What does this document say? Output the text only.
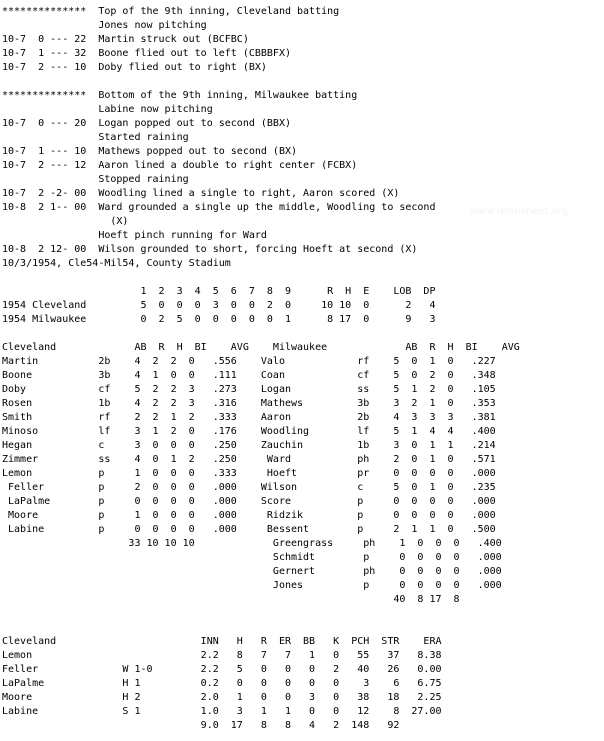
**************  Top of the 9th inning, Cleveland batting
Jones now pitching
10-7  0 --- 22  Martin struck out (BCFBC)
10-7  1 --- 32  Boone flied out to left (CBBBFX)
10-7  2 --- 10  Doby flied out to right (BX)
**************  Bottom of the 9th inning, Milwaukee batting
Labine now pitching
10-7  0 --- 20  Logan popped out to second (BBX)
Started raining
10-7  1 --- 10  Mathews popped out to second (BX)
10-7  2 --- 12  Aaron lined a double to right center (FCBX)
Stopped raining
10-7  2 -2- 00  Woodling lined a single to right, Aaron scored (X)
10-8  2 1-- 00  Ward grounded a single up the middle, Woodling to second
(X)
Hoeft pinch running for Ward
10-8  2 12- 00  Wilson grounded to short, forcing Hoeft at second (X)
10/3/1954, Cle54-Mil54, County Stadium
1  2  3  4  5  6  7  8  9      R  H  E    LOB  DP
1954 Cleveland         5  0  0  0  3  0  0  2  0     10 10  0      2   4
1954 Milwaukee         0  2  5  0  0  0  0  0  1      8 17  0      9   3
Cleveland             AB  R  H  BI    AVG    Milwaukee             AB  R  H  BI    AVG
Martin          2b    4  2  2  0   .556    Valo            rf    5  0  1  0   .227
Boone           3b    4  1  0  0   .111    Coan            cf    5  0  2  0   .348
Doby            cf    5  2  2  3   .273    Logan           ss    5  1  2  0   .105
Rosen           1b    4  2  2  3   .316    Mathews         3b    3  2  1  0   .353
Smith           rf    2  2  1  2   .333    Aaron           2b    4  3  3  3   .381
Minoso          lf    3  1  2  0   .176    Woodling        lf    5  1  4  4   .400
Hegan           c     3  0  0  0   .250    Zauchin         1b    3  0  1  1   .214
Zimmer          ss    4  0  1  2   .250     Ward           ph    2  0  1  0   .571
Lemon           p     1  0  0  0   .333     Hoeft          pr    0  0  0  0   .000
Feller         p     2  0  0  0   .000    Wilson          c     5  0  1  0   .235
LaPalme        p     0  0  0  0   .000    Score           p     0  0  0  0   .000
Moore          p     1  0  0  0   .000     Ridzik         p     0  0  0  0   .000
Labine         p     0  0  0  0   .000     Bessent        p     2  1  1  0   .500
33 10 10 10             Greengrass     ph    1  0  0  0   .400
Schmidt        p     0  0  0  0   .000
Gernert        ph    0  0  0  0   .000
Jones          p     0  0  0  0   .000
40  8 17  8
Cleveland                        INN   H   R  ER  BB   K  PCH  STR    ERA
Lemon                            2.2   8   7   7   1   0   55   37   8.38
Feller              W 1-0        2.2   5   0   0   0   2   40   26   0.00
LaPalme             H 1          0.2   0   0   0   0   0    3    6   6.75
Moore               H 2          2.0   1   0   0   3   0   38   18   2.25
Labine              S 1          1.0   3   1   1   0   0   12    8  27.00
9.0  17   8   8   4   2  148   92
www.retrosheet.org
